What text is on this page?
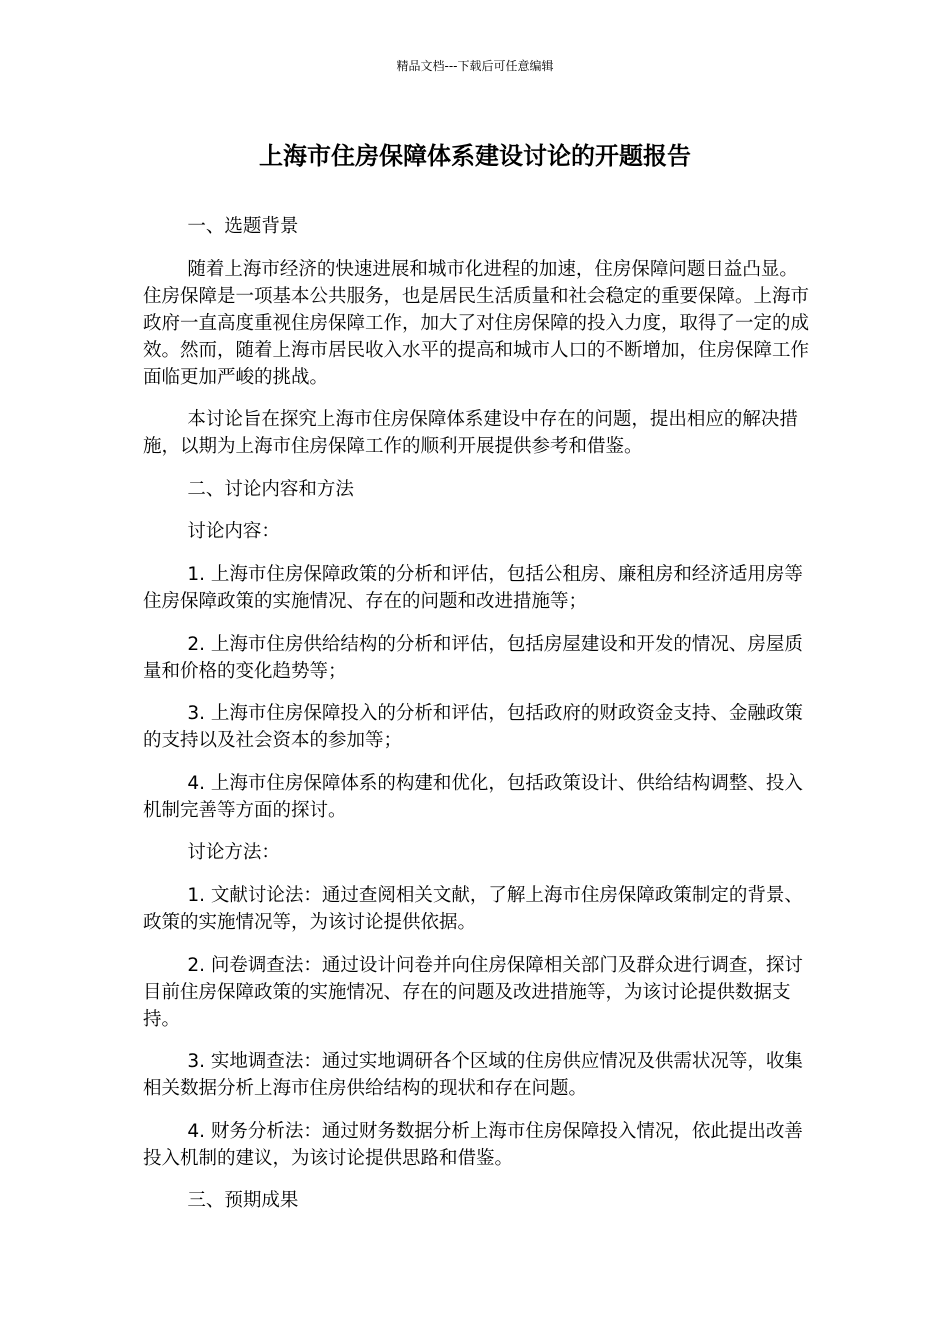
精品文档---下载后可任意编辑
上海市住房保障体系建设讨论的开题报告

一、选题背景

随着上海市经济的快速进展和城市化进程的加速，住房保障问题日益凸显。住房保障是一项基本公共服务，也是居民生活质量和社会稳定的重要保障。上海市政府一直高度重视住房保障工作，加大了对住房保障的投入力度，取得了一定的成效。然而，随着上海市居民收入水平的提高和城市人口的不断增加，住房保障工作面临更加严峻的挑战。

本讨论旨在探究上海市住房保障体系建设中存在的问题，提出相应的解决措施，以期为上海市住房保障工作的顺利开展提供参考和借鉴。

二、讨论内容和方法

讨论内容：

1. 上海市住房保障政策的分析和评估，包括公租房、廉租房和经济适用房等住房保障政策的实施情况、存在的问题和改进措施等；

2. 上海市住房供给结构的分析和评估，包括房屋建设和开发的情况、房屋质量和价格的变化趋势等；

3. 上海市住房保障投入的分析和评估，包括政府的财政资金支持、金融政策的支持以及社会资本的参加等；

4. 上海市住房保障体系的构建和优化，包括政策设计、供给结构调整、投入机制完善等方面的探讨。

讨论方法：

1. 文献讨论法：通过查阅相关文献，了解上海市住房保障政策制定的背景、政策的实施情况等，为该讨论提供依据。

2. 问卷调查法：通过设计问卷并向住房保障相关部门及群众进行调查，探讨目前住房保障政策的实施情况、存在的问题及改进措施等，为该讨论提供数据支持。

3. 实地调查法：通过实地调研各个区域的住房供应情况及供需状况等，收集相关数据分析上海市住房供给结构的现状和存在问题。

4. 财务分析法：通过财务数据分析上海市住房保障投入情况，依此提出改善投入机制的建议，为该讨论提供思路和借鉴。

三、预期成果
